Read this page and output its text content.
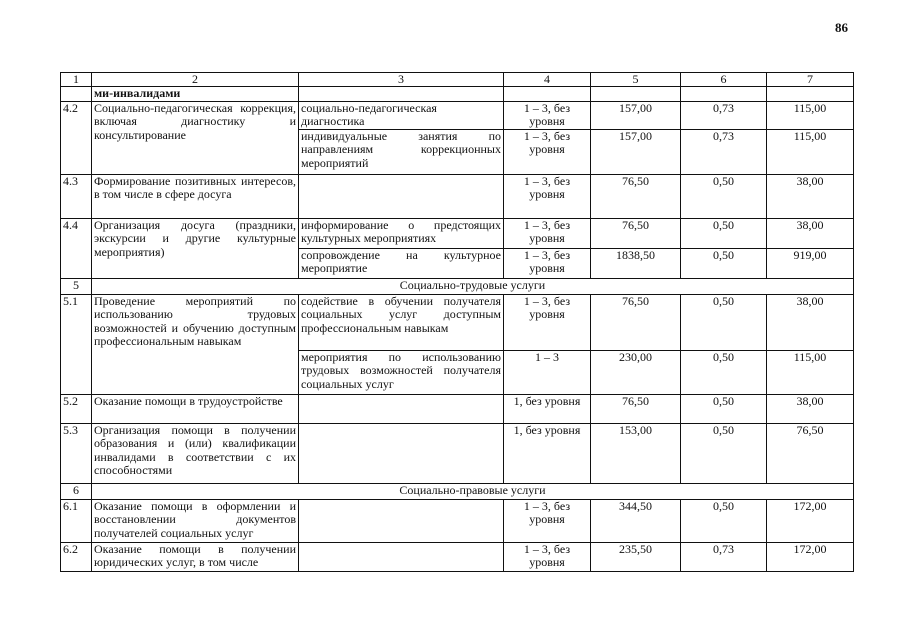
86
1	2	3	4	5	6	7
	ми-инвалидами					
4.2	Социально-педагогическая коррекция, включая диагностику и консультирование	социально-педагогическая диагностика	1 – 3, без уровня	157,00	0,73	115,00
		индивидуальные занятия по направлениям коррекционных мероприятий	1 – 3, без уровня	157,00	0,73	115,00
4.3	Формирование позитивных интересов, в том числе в сфере досуга		1 – 3, без уровня	76,50	0,50	38,00
4.4	Организация досуга (праздники, экскурсии и другие культурные мероприятия)	информирование о предстоящих культурных мероприятиях	1 – 3, без уровня	76,50	0,50	38,00
		сопровождение на культурное мероприятие	1 – 3, без уровня	1838,50	0,50	919,00
5	Социально-трудовые услуги					
5.1	Проведение мероприятий по использованию трудовых возможностей и обучению доступным профессиональным навыкам	содействие в обучении получателя социальных услуг доступным профессиональным навыкам	1 – 3, без уровня	76,50	0,50	38,00
		мероприятия по использованию трудовых возможностей получателя социальных услуг	1 – 3	230,00	0,50	115,00
5.2	Оказание помощи в трудоустройстве		1, без уровня	76,50	0,50	38,00
5.3	Организация помощи в получении образования и (или) квалификации инвалидами в соответствии с их способностями		1, без уровня	153,00	0,50	76,50
6	Социально-правовые услуги					
6.1	Оказание помощи в оформлении и восстановлении документов получателей социальных услуг		1 – 3, без уровня	344,50	0,50	172,00
6.2	Оказание помощи в получении юридических услуг, в том числе		1 – 3, без уровня	235,50	0,73	172,00
